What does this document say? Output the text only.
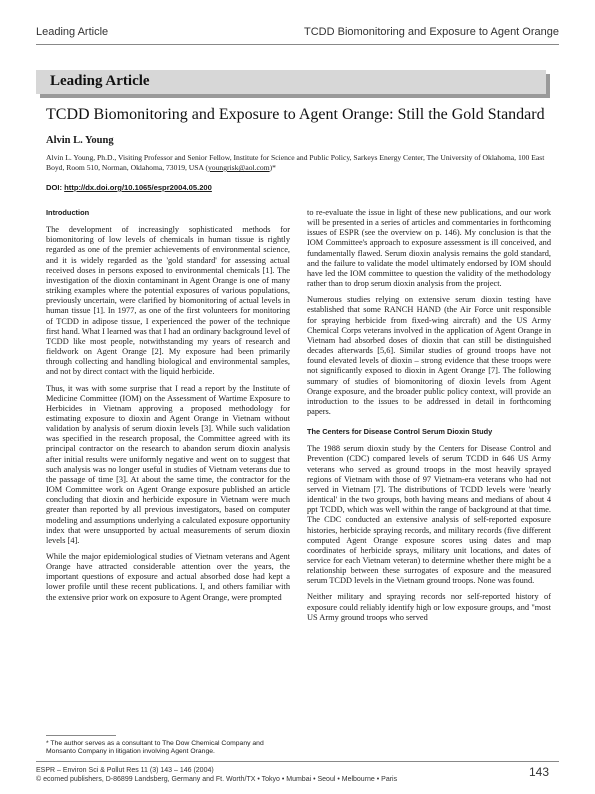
Leading Article	TCDD Biomonitoring and Exposure to Agent Orange
Leading Article
TCDD Biomonitoring and Exposure to Agent Orange: Still the Gold Standard
Alvin L. Young
Alvin L. Young, Ph.D., Visiting Professor and Senior Fellow, Institute for Science and Public Policy, Sarkeys Energy Center, The University of Oklahoma, 100 East Boyd, Room 510, Norman, Oklahoma, 73019, USA (youngrisk@aol.com)*
DOI: http://dx.doi.org/10.1065/espr2004.05.200
Introduction

The development of increasingly sophisticated methods for biomonitoring of low levels of chemicals in human tissue is rightly regarded as one of the premier achievements of environmental science, and it is widely regarded as the 'gold standard' for assessing actual received doses in persons exposed to environmental chemicals [1]. The investigation of the dioxin contaminant in Agent Orange is one of many striking examples where the potential exposures of various populations, previously uncertain, were clarified by biomonitoring of actual levels in human tissue [1]. In 1977, as one of the first volunteers for monitoring of TCDD in adipose tissue, I experienced the power of the technique first hand. What I learned was that I had an ordinary background level of TCDD like most people, notwithstanding my years of research and fieldwork on Agent Orange [2]. My exposure had been primarily through collecting and handling biological and environmental samples, and not by direct contact with the liquid herbicide.

Thus, it was with some surprise that I read a report by the Institute of Medicine Committee (IOM) on the Assessment of Wartime Exposure to Herbicides in Vietnam approving a proposed methodology for estimating exposure to dioxin and Agent Orange in Vietnam without validation by analysis of serum dioxin levels [3]. While such validation was specified in the research proposal, the Committee agreed with its principal contractor on the research to abandon serum dioxin analysis after initial results were uniformly negative and went on to suggest that such analysis was no longer useful in studies of Vietnam veterans due to the passage of time [3]. At about the same time, the contractor for the IOM Committee work on Agent Orange exposure published an article concluding that dioxin and herbicide exposure in Vietnam were much greater than reported by all previous investigators, based on computer modeling and assumptions underlying a calculated exposure opportunity index that were unsupported by actual measurements of serum dioxin levels [4].

While the major epidemiological studies of Vietnam veterans and Agent Orange have attracted considerable attention over the years, the important questions of exposure and actual absorbed dose had kept a lower profile until these recent publications. I, and others familiar with the extensive prior work on exposure to Agent Orange, were prompted

to re-evaluate the issue in light of these new publications, and our work will be presented in a series of articles and commentaries in forthcoming issues of ESPR (see the overview on p. 146). My conclusion is that the IOM Committee's approach to exposure assessment is ill conceived, and fundamentally flawed. Serum dioxin analysis remains the gold standard, and the failure to validate the model ultimately endorsed by IOM should have led the IOM committee to question the validity of the methodology rather than to drop serum dioxin analysis from the project.

Numerous studies relying on extensive serum dioxin testing have established that some RANCH HAND (the Air Force unit responsible for spraying herbicide from fixed-wing aircraft) and the US Army Chemical Corps veterans involved in the application of Agent Orange in Vietnam had absorbed doses of dioxin that can still be distinguished decades afterwards [5,6]. Similar studies of ground troops have not found elevated levels of dioxin – strong evidence that these troops were not significantly exposed to dioxin in Agent Orange [7]. The following summary of studies of biomonitoring of dioxin levels from Agent Orange exposure, and the broader public policy context, will provide an introduction to the issues to be addressed in detail in forthcoming papers.

The Centers for Disease Control Serum Dioxin Study

The 1988 serum dioxin study by the Centers for Disease Control and Prevention (CDC) compared levels of serum TCDD in 646 US Army veterans who served as ground troops in the most heavily sprayed regions of Vietnam with those of 97 Vietnam-era veterans who had not served in Vietnam [7]. The distributions of TCDD levels were 'nearly identical' in the two groups, both having means and medians of about 4 ppt TCDD, which was well within the range of background at that time. The CDC conducted an extensive analysis of self-reported exposure histories, herbicide spraying records, and military records (five different computed Agent Orange exposure scores using dates and map coordinates of herbicide sprays, military unit locations, and dates of service for each Vietnam veteran) to determine whether there might be a relationship between these surrogates of exposure and the measured serum TCDD levels in the Vietnam ground troops. None was found.

Neither military and spraying records nor self-reported history of exposure could reliably identify high or low exposure groups, and "most US Army ground troops who served

* The author serves as a consultant to The Dow Chemical Company and Monsanto Company in litigation involving Agent Orange.
ESPR – Environ Sci & Pollut Res 11 (3) 143 – 146 (2004)
© ecomed publishers, D-86899 Landsberg, Germany and Ft. Worth/TX • Tokyo • Mumbai • Seoul • Melbourne • Paris
143
